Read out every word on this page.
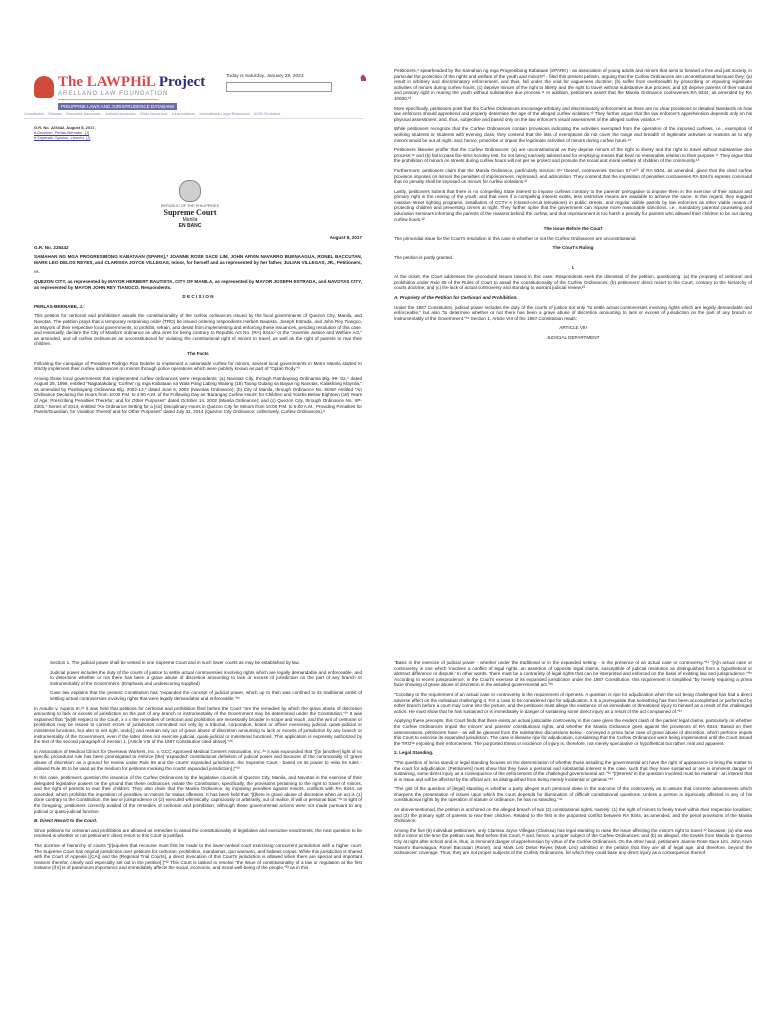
The LAWPHiL Project
ARELLANO LAW FOUNDATION
PHILIPPINE LAWS AND JURISPRUDENCE DATABANK
Today is Saturday, January 28, 2023
Constitution Statutes Executive Issuances Judicial Issuances Other Issuances Jurisprudence International Legal Resources AUSL Exclusive
G.R. No. 225442, August 8, 2017,
♦ Decision, Perlas-Bernabe, [J]
♦ Separate Opinion, Leonen, [J]
REPUBLIC OF THE PHILIPPINES
Supreme Court
Manila
EN BANC

August 8, 2017

G.R. No. 225442

SAMAHAN NG MGA PROGRESIBONG KABATAAN (SPARK),* JOANNE ROSE SACE LIM, JOHN ARVIN NAVARRO BUENAAGUA, RONEL BACCUTAN, MARK LEO DELOS REYES, and CLARISSA JOYCE VILLEGAS, minor, for herself and as represented by her father, JULIAN VILLEGAS, JR., Petitioners,

vs.

QUEZON CITY, as represented by MAYOR HERBERT BAUTISTA, CITY OF MANILA, as represented by MAYOR JOSEPH ESTRADA, and NAVOTAS CITY, as represented by MAYOR JOHN REY TIANGCO, Respondents.

D E C I S I O N

PERLAS-BERNABE, J.:

This petition for certiorari and prohibition¹ assails the constitutionality of the curfew ordinances issued by the local governments of Quezon City, Manila, and Navotas. The petition prays that a temporary restraining order (TRO) be issued ordering respondents Herbert Bautista, Joseph Estrada, and John Rey Tiangco, as Mayors of their respective local governments, to prohibit, refrain, and desist from implementing and enforcing these issuances, pending resolution of this case, and eventually, declare the City of Manila's ordinance as ultra vires for being contrary to Republic Act No. (RA) 9344,² or the "Juvenile Justice and Welfare Act," as amended, and all curfew ordinances as unconstitutional for violating the constitutional right of minors to travel, as well as the right of parents to rear their children.

The Facts

Following the campaign of President Rodrigo Roa Duterte to implement a nationwide curfew for minors, several local governments in Metro Manila started to strictly implement their curfew ordinances on minors through police operations which were publicly known as part of "Oplan Rody."³

Among those local governments that implemented curfew ordinances were respondents: (a) Navotas City, through Pambayang Ordinansa Blg. 99- 02,⁴ dated August 26, 1999, entitled "Nagtatakdang 'Curfew' ng mga Kabataan na Wala Pang Labing Walong (18) Taong Gulang sa Bayan ng Navotas, Kalakhang Maynila," as amended by Pambayang Ordinansa Blg. 2002-13,⁵ dated June 6, 2002 (Navotas Ordinance); (b) City of Manila, through Ordinance No. 8046⁶ entitled "An Ordinance Declaring the Hours from 10:00 P.M. to 4:00 A.M. of the Following Day as 'Barangay Curfew Hours' for Children and Youths Below Eighteen (18) Years of Age; Prescribing Penalties Therefor; and for Other Purposes" dated October 14, 2002 (Manila Ordinance); and (c) Quezon City, through Ordinance No. SP- 2301,⁷ Series of 2014, entitled "An Ordinance Setting for a [sic] Disciplinary Hours in Quezon City for Minors from 10:00 P.M. to 5:00 A.M., Providing Penalties for Parent/Guardian, for Violation Thereof and for Other Purposes" dated July 31, 2014 (Quezon City Ordinance; collectively, Curfew Ordinances).⁸

Petitioners,⁹ spearheaded by the Samahan ng mga Progresibong Kabataan (SPARK) - an association of young adults and minors that aims to forward a free and just society, in particular the protection of the rights and welfare of the youth and minors¹⁰ - filed this present petition, arguing that the Curfew Ordinances are unconstitutional because they: (a) result in arbitrary and discriminatory enforcement, and thus, fall under the void for vagueness doctrine; (b) suffer from overbreadth by proscribing or impairing legitimate activities of minors during curfew hours; (c) deprive minors of the right to liberty and the right to travel without substantive due process; and (d) deprive parents of their natural and primary right in rearing the youth without substantive due process.¹¹ In addition, petitioners assert that the Manila Ordinance contravenes RA 9344, as amended by RA 10630.¹²

More specifically, petitioners posit that the Curfew Ordinances encourage arbitrary and discriminatory enforcement as there are no clear provisions or detailed standards on how law enforcers should apprehend and properly determine the age of the alleged curfew violators.¹³ They further argue that the law enforcer's apprehension depends only on his physical assessment, and, thus, subjective and based only on the law enforcer's visual assessment of the alleged curfew violator.¹⁴

While petitioners recognize that the Curfew Ordinances contain provisions indicating the activities exempted from the operation of the imposed curfews, i.e., exemption of working students or students with evening class, they contend that the lists of exemptions do not cover the range and breadth of legitimate activities or reasons as to why minors would be out at night, and, hence, proscribe or impair the legitimate activities of minors during curfew hours.¹⁵

Petitioners likewise proffer that the Curfew Ordinances: (a) are unconstitutional as they deprive minors of the right to liberty and the right to travel without substantive due process;¹⁶ and (b) fail to pass the strict scrutiny test, for not being narrowly tailored and for employing means that bear no reasonable relation to their purpose.¹⁷ They argue that the prohibition of minors on streets during curfew hours will not per se protect and promote the social and moral welfare of children of the community.¹⁸

Furthermore, petitioners claim that the Manila Ordinance, particularly Section 4¹⁹ thereof, contravenes Section 57-A²⁰ of RA 9344, as amended, given that the cited curfew provision imposes on minors the penalties of imprisonment, reprimand, and admonition. They contend that the imposition of penalties contravenes RA 9344's express command that no penalty shall be imposed on minors for curfew violations.²¹

Lastly, petitioners submit that there is no compelling State interest to impose curfews contrary to the parents' prerogative to impose them in the exercise of their natural and primary right in the rearing of the youth, and that even if a compelling interest exists, less restrictive means are available to achieve the same. In this regard, they suggest massive street lighting programs, installation of CCTV s (closed-circuit televisions) in public streets, and regular visible patrols by law enforcers as other viable means of protecting children and preventing crimes at night. They further opine that the government can impose more reasonable sanctions, i.e., mandatory parental counseling and education seminars informing the parents of the reasons behind the curfew, and that imprisonment is too harsh a penalty for parents who allowed their children to be out during curfew hours.²²

The Issue Before the Court

The primordial issue for the Court's resolution in this case is whether or not the Curfew Ordinances are unconstitutional.

The Court's Ruling

The petition is partly granted.

I.

At the onset, the Court addresses the procedural issues raised in this case. Respondents seek the dismissal of the petition, questioning: (a) the propriety of certiorari and prohibition under Rule 65 of the Rules of Court to assail the constitutionality of the Curfew Ordinances; (b) petitioners' direct resort to the Court, contrary to the hierarchy of courts doctrine; and (c) the lack of actual controversy and standing to warrant judicial review.²³

A. Propriety of the Petition for Certiorari and Prohibition.

Under the 1987 Constitution, judicial power includes the duty of the courts of justice not only "to settle actual controversies involving rights which are legally demandable and enforceable," but also "to determine whether or not there has been a grave abuse of discretion amounting to lack or excess of jurisdiction on the part of any branch or instrumentality of the Government."²⁴ Section 1, Article VIII of the 1987 Constitution reads:

ARTICLE VIII

JUDICIAL DEPARTMENT

Section 1. The judicial power shall be vested in one Supreme Court and in such lower courts as may be established by law.

Judicial power includes the duty of the courts of justice to settle actual controversies involving rights which are legally demandable and enforceable, and to determine whether or not there has been a grave abuse of discretion amounting to lack or excess of jurisdiction on the part of any branch or instrumentality of the Government. (Emphasis and underscoring supplied)

Case law explains that the present Constitution has "expanded the concept of judicial power, which up to then was confined to its traditional ambit of settling actual controversies involving rights that were legally demandable and enforceable."²⁵

In Araullo v. Aquino III,²⁶ it was held that petitions for certiorari and prohibition filed before the Court "are the remedies by which the grave abuse of discretion amounting to lack or excess of jurisdiction on the part of any branch or instrumentality of the Government may be determined under the Constitution."²⁷ It was explained that "[w]ith respect to the Court, x x x the remedies of certiorari and prohibition are necessarily broader in scope and reach, and the writ of certiorari or prohibition may be issued to correct errors of jurisdiction committed not only by a tribunal, corporation, board or officer exercising judicial, quasi-judicial or ministerial functions, but also to set right, undo[,] and restrain any act of grave abuse of discretion amounting to lack or excess of jurisdiction by any branch or instrumentality of the Government, even if the latter does not exercise judicial, quasi-judicial or ministerial functions. This application is expressly authorized by the text of the second paragraph of Section 1, [Article VIII of the 1987 Constitution cited above]."²⁸

In Association of Medical Clinics for Overseas Workers, Inc. v. GCC Approved Medical Centers Association, Inc.,²⁹ it was expounded that "[i]n [another] light of no specific procedural rule has been promulgated to enforce [the] 'expanded' constitutional definition of judicial power and because of the commonality of 'grave abuse of discretion' as a ground for review under Rule 65 and the courts' expanded jurisdiction, the Supreme Court - based on its power to relax its rules - allowed Rule 65 to be used as the medium for petitions invoking the courts' expanded jurisdiction[.]"³⁰

In this case, petitioners question the issuance of the Curfew Ordinances by the legislative councils of Quezon City, Manila, and Navotas in the exercise of their delegated legislative powers on the ground that these ordinances violate the Constitution, specifically, the provisions pertaining to the right to travel of minors, and the right of parents to rear their children. They also claim that the Manila Ordinance, by imposing penalties against minors, conflicts with RA 9344, as amended, which prohibits the imposition of penalties on minors for status offenses. It has been held that "[t]here is grave abuse of discretion when an act is (1) done contrary to the Constitution, the law or jurisprudence or (2) executed whimsically, capriciously or arbitrarily, out of malice, ill will or personal bias."³¹ In light of the foregoing, petitioners correctly availed of the remedies of certiorari and prohibition, although these governmental actions were not made pursuant to any judicial or quasi-judicial function.

B. Direct Resort to the Court.

Since petitions for certiorari and prohibition are allowed as remedies to assail the constitutionality of legislative and executive enactments, the next question to be resolved is whether or not petitioners' direct resort to this Court is justified.

The doctrine of hierarchy of courts "[r]equires that recourse must first be made to the lower-ranked court exercising concurrent jurisdiction with a higher court. The Supreme Court has original jurisdiction over petitions for certiorari, prohibition, mandamus, quo warranto, and habeas corpus. While this jurisdiction is shared with the Court of Appeals [(CA)] and the [Regional Trial Courts], a direct invocation of this Court's jurisdiction is allowed when there are special and important reasons therefor, clearly and especially set out in the petition[.]"³² This Court is tasked to resolve "the issue of constitutionality of a law or regulation at the first instance [if it] is of paramount importance and immediately affects the social, economic, and moral well-being of the people,"³³ as in this

"Basic in the exercise of judicial power - whether under the traditional or in the expanded setting - is the presence of an actual case or controversy."³⁴ "[A]n actual case or controversy is one which 'involves a conflict of legal rights, an assertion of opposite legal claims, susceptible of judicial resolution as distinguished from a hypothetical or abstract difference or dispute.' In other words, 'there must be a contrariety of legal rights that can be interpreted and enforced on the basis of existing law and jurisprudence.'"³⁵ According to recent jurisprudence, in the Court's exercise of its expanded jurisdiction under the 1987 Constitution, this requirement is simplified "by merely requiring a prima facie showing of grave abuse of discretion in the assailed governmental act."³⁶

"Corollary to the requirement of an actual case or controversy is the requirement of ripeness. A question is ripe for adjudication when the act being challenged has had a direct adverse effect on the individual challenging it. For a case to be considered ripe for adjudication, it is a prerequisite that something has then been accomplished or performed by either branch before a court may come into the picture, and the petitioner must allege the existence of an immediate or threatened injury to himself as a result of the challenged action. He must show that he has sustained or is immediately in danger of sustaining some direct injury as a result of the act complained of."³⁷

Applying these precepts, this Court finds that there exists an actual justiciable controversy in this case given the evident clash of the parties' legal claims, particularly on whether the Curfew Ordinances impair the minors' and parents' constitutional rights, and whether the Manila Ordinance goes against the provisions of RA 9344. Based on their asseverations, petitioners have - as will be gleaned from the substantive discussions below - conveyed a prima facie case of grave abuse of discretion, which perforce impels this Court to exercise its expanded jurisdiction. The case is likewise ripe for adjudication, considering that the Curfew Ordinances were being implemented until the Court issued the TRO³⁸ enjoining their enforcement. The purported threat or incidence of injury is, therefore, not merely speculative or hypothetical but rather, real and apparent.

2. Legal Standing.

"The question of locus standi or legal standing focuses on the determination of whether those assailing the governmental act have the right of appearance to bring the matter to the court for adjudication. [Petitioners] must show that they have a personal and substantial interest in the case, such that they have sustained or are in imminent danger of sustaining, some direct injury as a consequence of the enforcement of the challenged governmental act."³⁹ "[I]nterest' in the question involved must be material - an interest that is in issue and will be affected by the official act- as distinguished from being merely incidental or general."⁴⁰

"The gist of the question of [legal] standing is whether a party alleges such personal stake in the outcome of the controversy as to assure that concrete adverseness which sharpens the presentation of issues upon which the court depends for illumination of difficult constitutional questions. Unless a person is injuriously affected in any of his constitutional rights by the operation of statute or ordinance, he has no standing."⁴¹

As abovementioned, the petition is anchored on the alleged breach of two (2) constitutional rights, namely: (1) the right of minors to freely travel within their respective localities; and (2) the primary right of parents to rear their children. Related to the first is the purported conflict between RA 9344, as amended, and the penal provisions of the Manila Ordinance.

Among the five (5) individual petitioners, only Clarissa Joyce Villegas (Clarissa) has legal standing to raise the issue affecting the minor's right to travel,⁴² because: (a) she was still a minor at the time the petition was filed before this Court,⁴³ and, hence, a proper subject of the Curfew Ordinances; and (b) as alleged, she travels from Manila to Quezon City at night after school and is, thus, in imminent danger of apprehension by virtue of the Curfew Ordinances. On the other hand, petitioners Joanne Rose Sace Lim, John Arvin Navarro Buenaagua, Ronel Baccutan (Ronel), and Mark Leo Delos Reyes (Mark Leo) admitted in the petition that they are all of legal age, and therefore, beyond the ordinances' coverage. Thus, they are not proper subjects of the Curfew Ordinances, for which they could base any direct injury as a consequence thereof.
